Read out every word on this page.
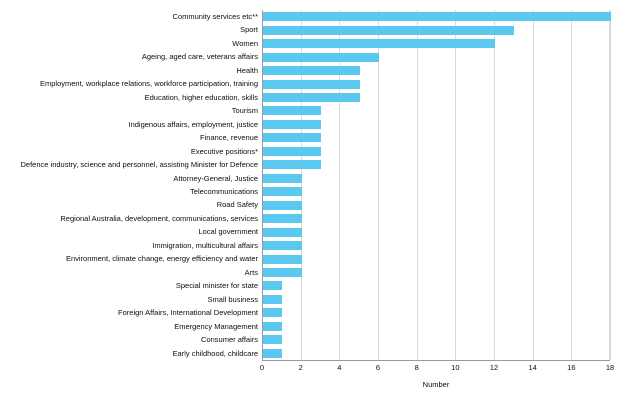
Community services etc**
Sport
Women
Ageing, aged care, veterans affairs
Health
Employment, workplace relations, workforce participation, training
Education, higher education, skills
Tourism
Indigenous affairs, employment, justice
Finance, revenue
Executive positions*
Defence industry, science and personnel, assisting Minister for Defence
Attorney-General, Justice
Telecommunications
Road Safety
Regional Australia, development, communications, services
Local government
Immigration, multicultural affairs
Environment, climate change, energy efficiency and water
Arts
Special minister for state
Small business
Foreign Affairs, International Development
Emergency Management
Consumer affairs
Early childhood, childcare
0	2	4	6	8	10	12	14	16	18
Number
